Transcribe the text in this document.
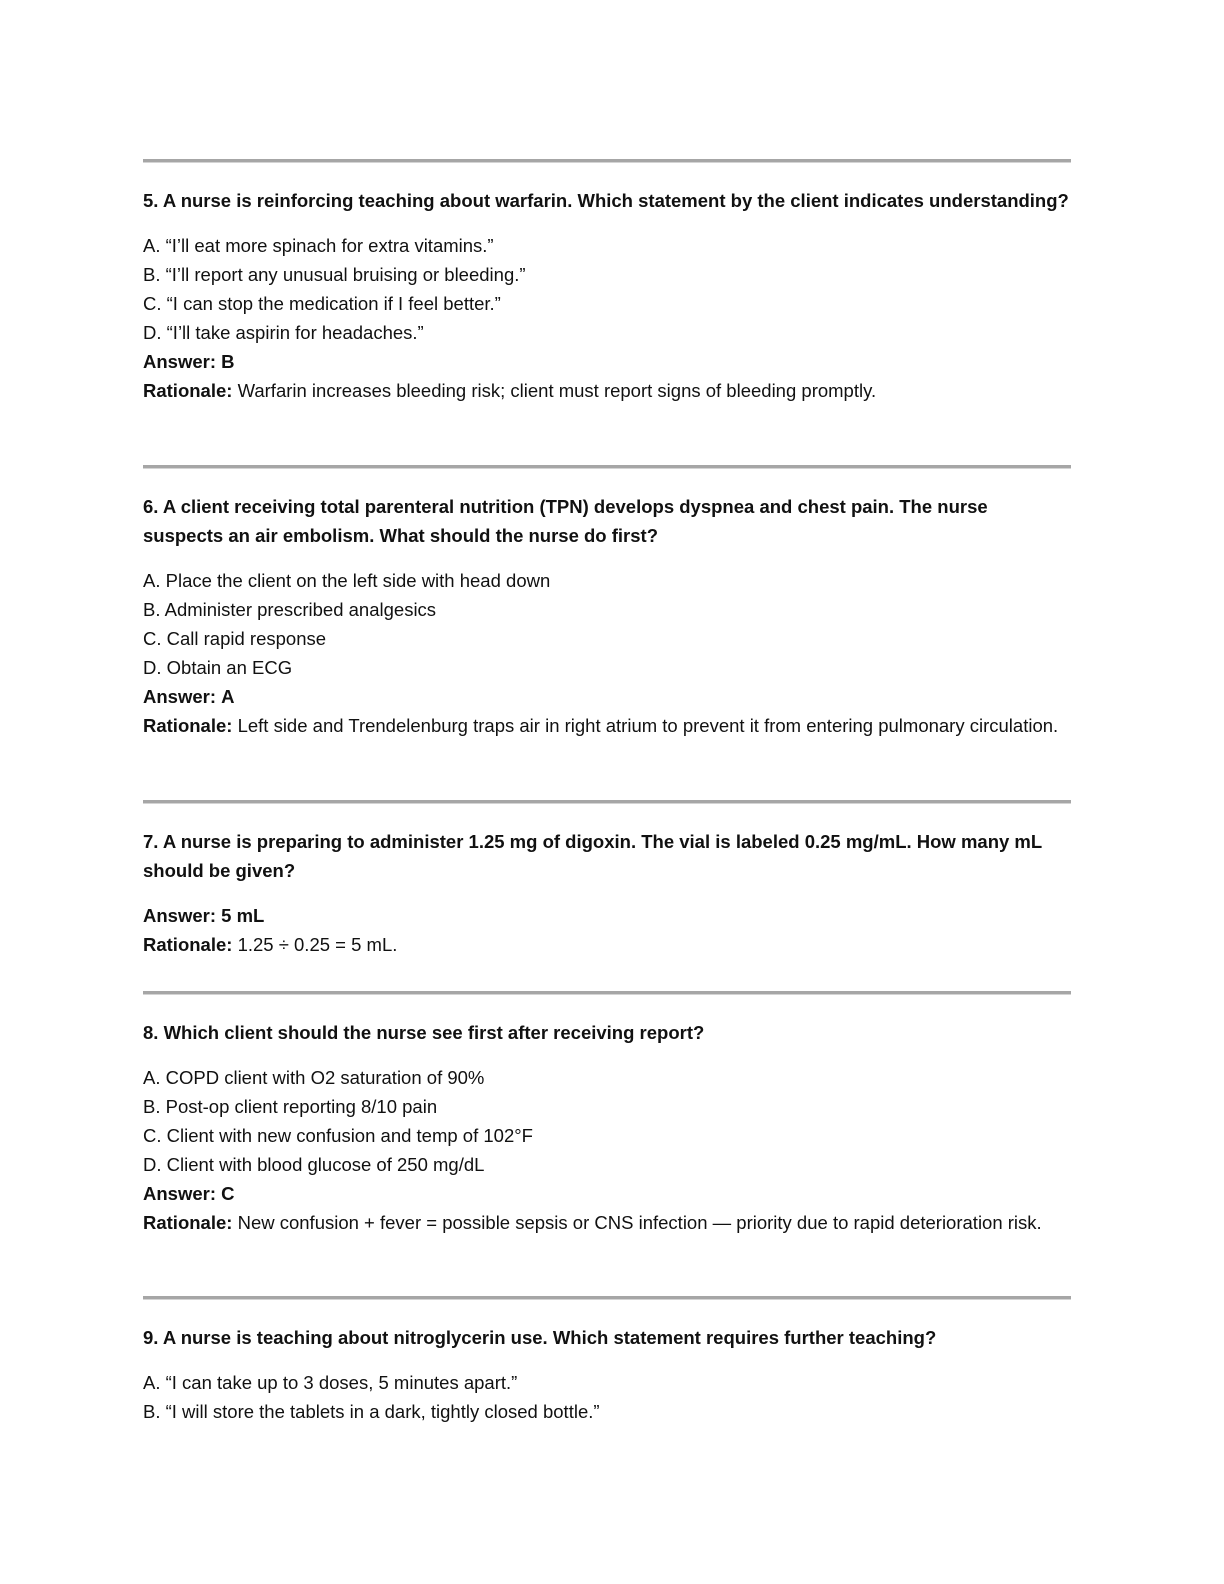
5. A nurse is reinforcing teaching about warfarin. Which statement by the client indicates understanding?

A. “I’ll eat more spinach for extra vitamins.”

B. “I’ll report any unusual bruising or bleeding.”

C. “I can stop the medication if I feel better.”

D. “I’ll take aspirin for headaches.”

Answer: B

Rationale: Warfarin increases bleeding risk; client must report signs of bleeding promptly.

6. A client receiving total parenteral nutrition (TPN) develops dyspnea and chest pain. The nurse suspects an air embolism. What should the nurse do first?

A. Place the client on the left side with head down

B. Administer prescribed analgesics

C. Call rapid response

D. Obtain an ECG

Answer: A

Rationale: Left side and Trendelenburg traps air in right atrium to prevent it from entering pulmonary circulation.

7. A nurse is preparing to administer 1.25 mg of digoxin. The vial is labeled 0.25 mg/mL. How many mL should be given?

Answer: 5 mL

Rationale: 1.25 ÷ 0.25 = 5 mL.

8. Which client should the nurse see first after receiving report?

A. COPD client with O2 saturation of 90%

B. Post-op client reporting 8/10 pain

C. Client with new confusion and temp of 102°F

D. Client with blood glucose of 250 mg/dL

Answer: C

Rationale: New confusion + fever = possible sepsis or CNS infection — priority due to rapid deterioration risk.

9. A nurse is teaching about nitroglycerin use. Which statement requires further teaching?

A. “I can take up to 3 doses, 5 minutes apart.”

B. “I will store the tablets in a dark, tightly closed bottle.”
